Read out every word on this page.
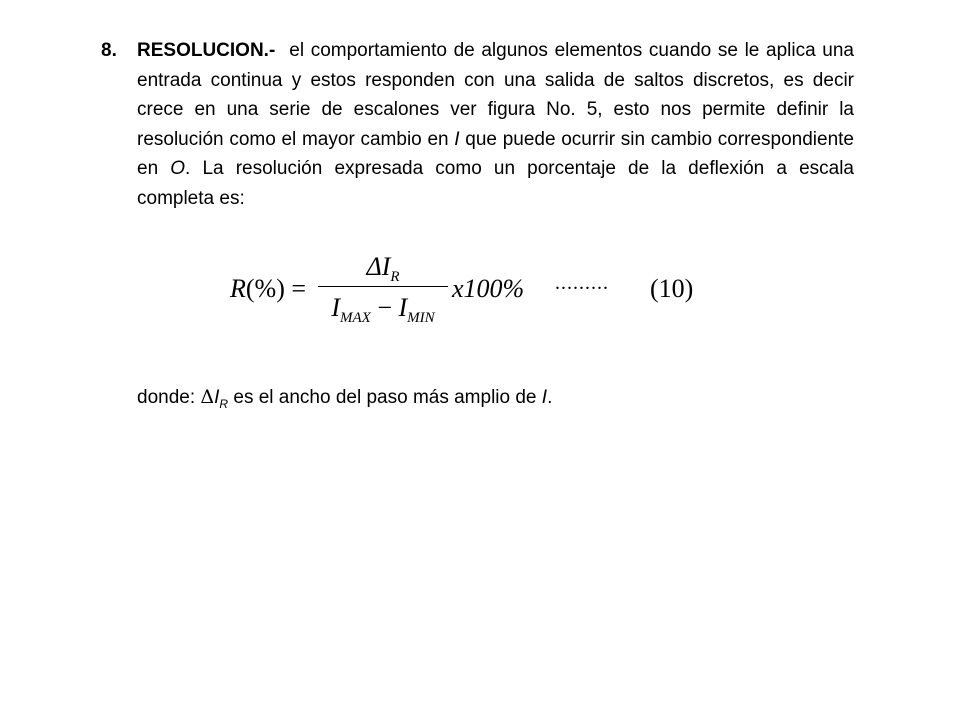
8. RESOLUCION.- el comportamiento de algunos elementos cuando se le aplica una entrada continua y estos responden con una salida de saltos discretos, es decir crece en una serie de escalones ver figura No. 5, esto nos permite definir la resolución como el mayor cambio en I que puede ocurrir sin cambio correspondiente en O. La resolución expresada como un porcentaje de la deflexión a escala completa es:
R(%) =
$\Delta I_R$
$I_{MAX} - I_{MIN}$
x100% ......... (10)
donde: $\Delta I_R$ es el ancho del paso más amplio de I.
